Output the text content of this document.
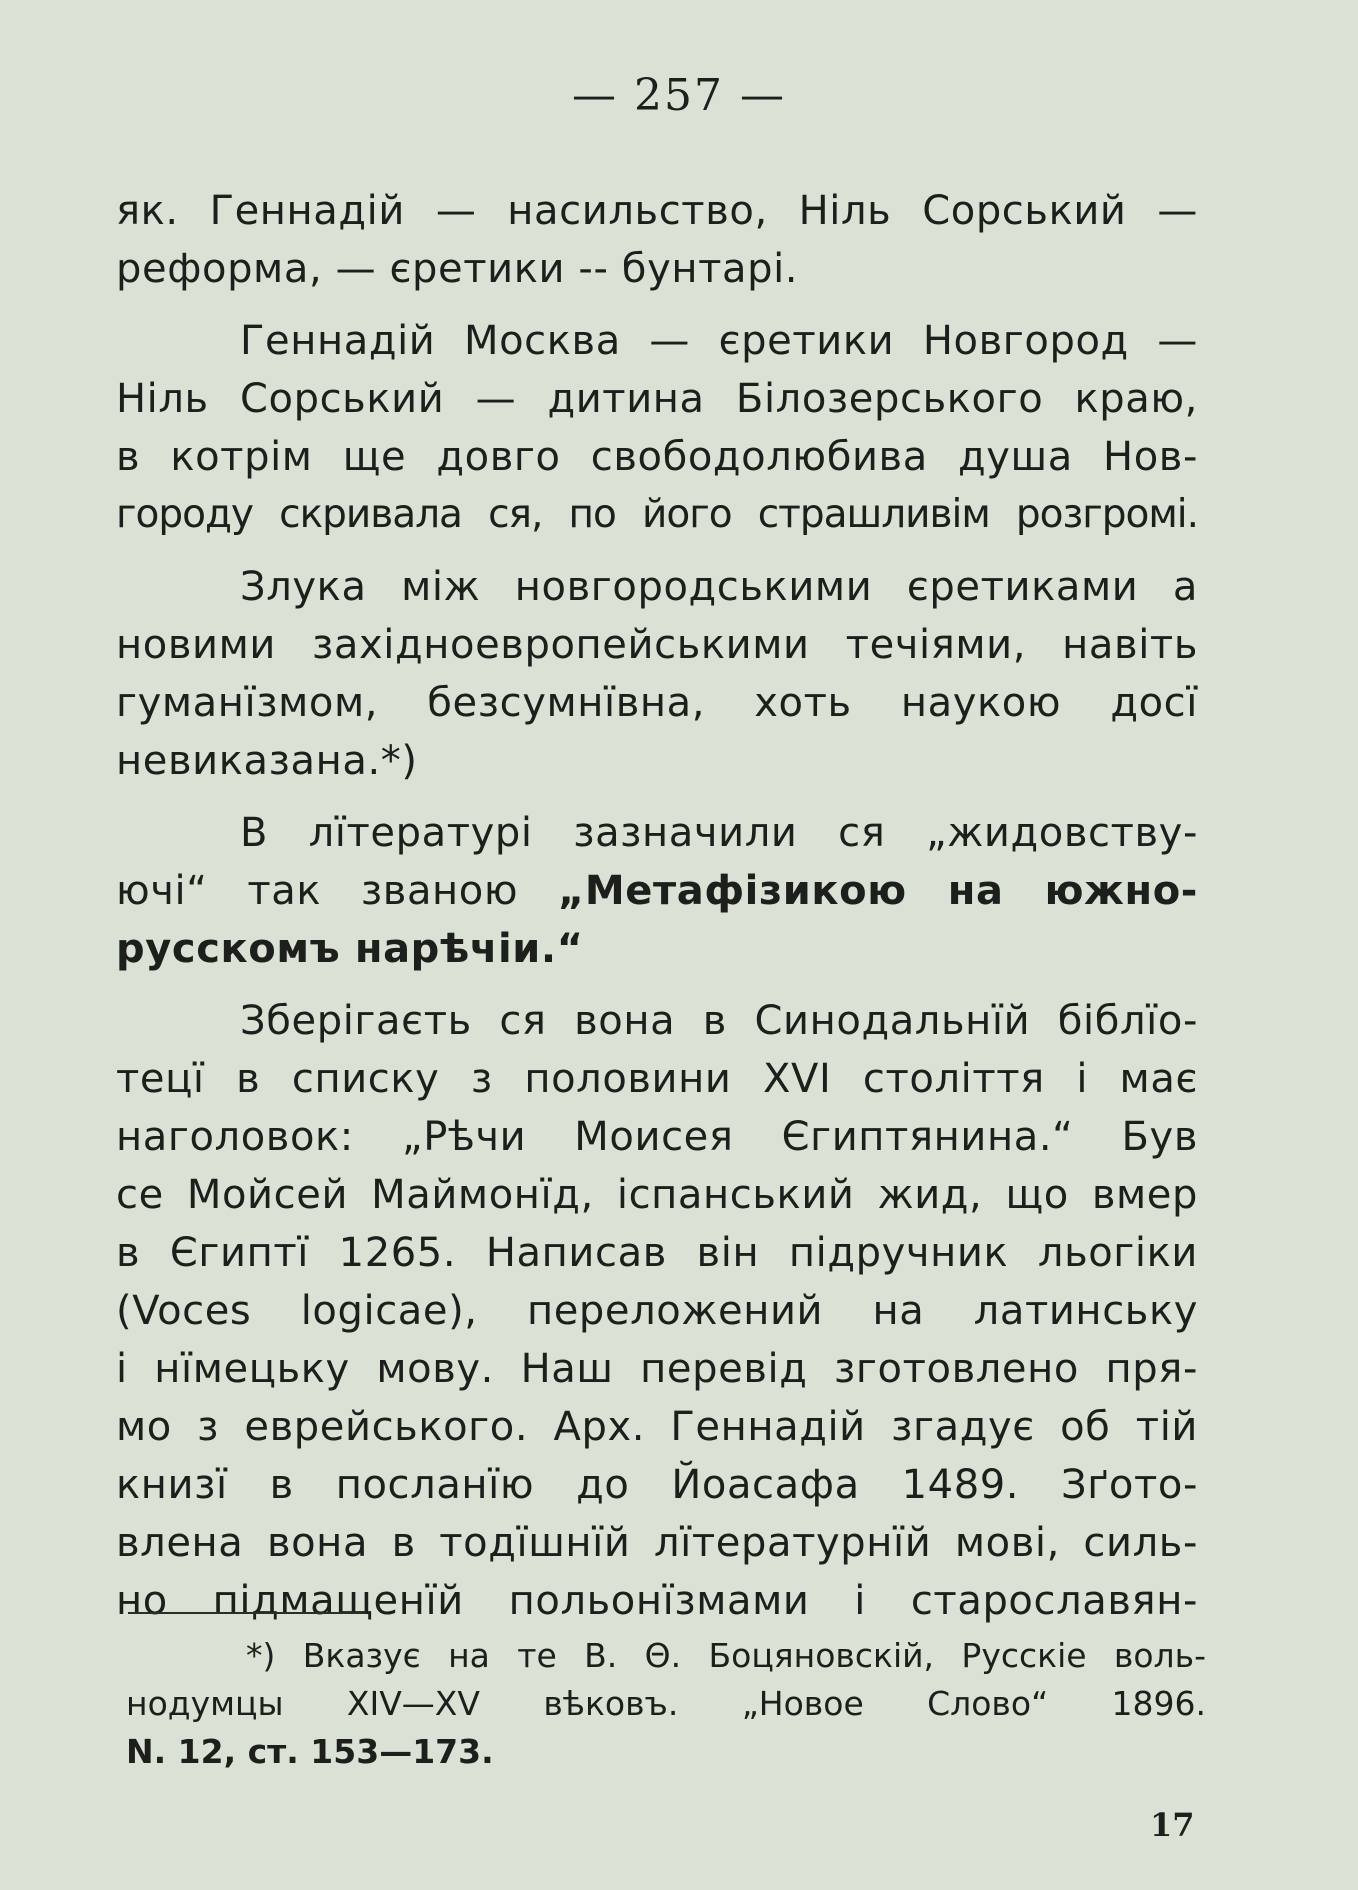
— 257 —
як. Геннадій — насильство, Ніль Сорський —
реформа, — єретики -- бунтарі.
Геннадій Москва — єретики Новгород —
Ніль Сорський — дитина Білозерського краю,
в котрім ще довго свободолюбива душа Нов-
городу скривала ся, по його страшливім розгромі.
Злука між новгородськими єретиками а
новими західноевропейськими течіями, навіть
гуманїзмом, безсумнївна, хоть наукою досї
невиказана.*)
В лїтературі зазначили ся „жидовству-
ючі“ так званою „Метафізикою на южно-
русскомъ нарѣчіи.“
Зберігаєть ся вона в Синодальнїй біблїо-
тецї в списку з половини XVI століття і має
наголовок: „Рѣчи Моисея Єгиптянина.“ Був
се Мойсей Маймонїд, іспанський жид, що вмер
в Єгиптї 1265. Написав він підручник льогіки
(Voces logicae), переложений на латинську
і нїмецьку мову. Наш перевід зготовлено пря-
мо з еврейського. Арх. Геннадій згадує об тій
книзї в посланїю до Йоасафа 1489. Зґото-
влена вона в тодїшнїй лїтературнїй мові, силь-
но підмащенїй польонїзмами і старославян-
*) Вказує на те В. Θ. Боцяновскій, Русскіе воль-
нодумцы XIV—XV вѣковъ. „Новое Слово“ 1896.
N. 12, ст. 153—173.
17
